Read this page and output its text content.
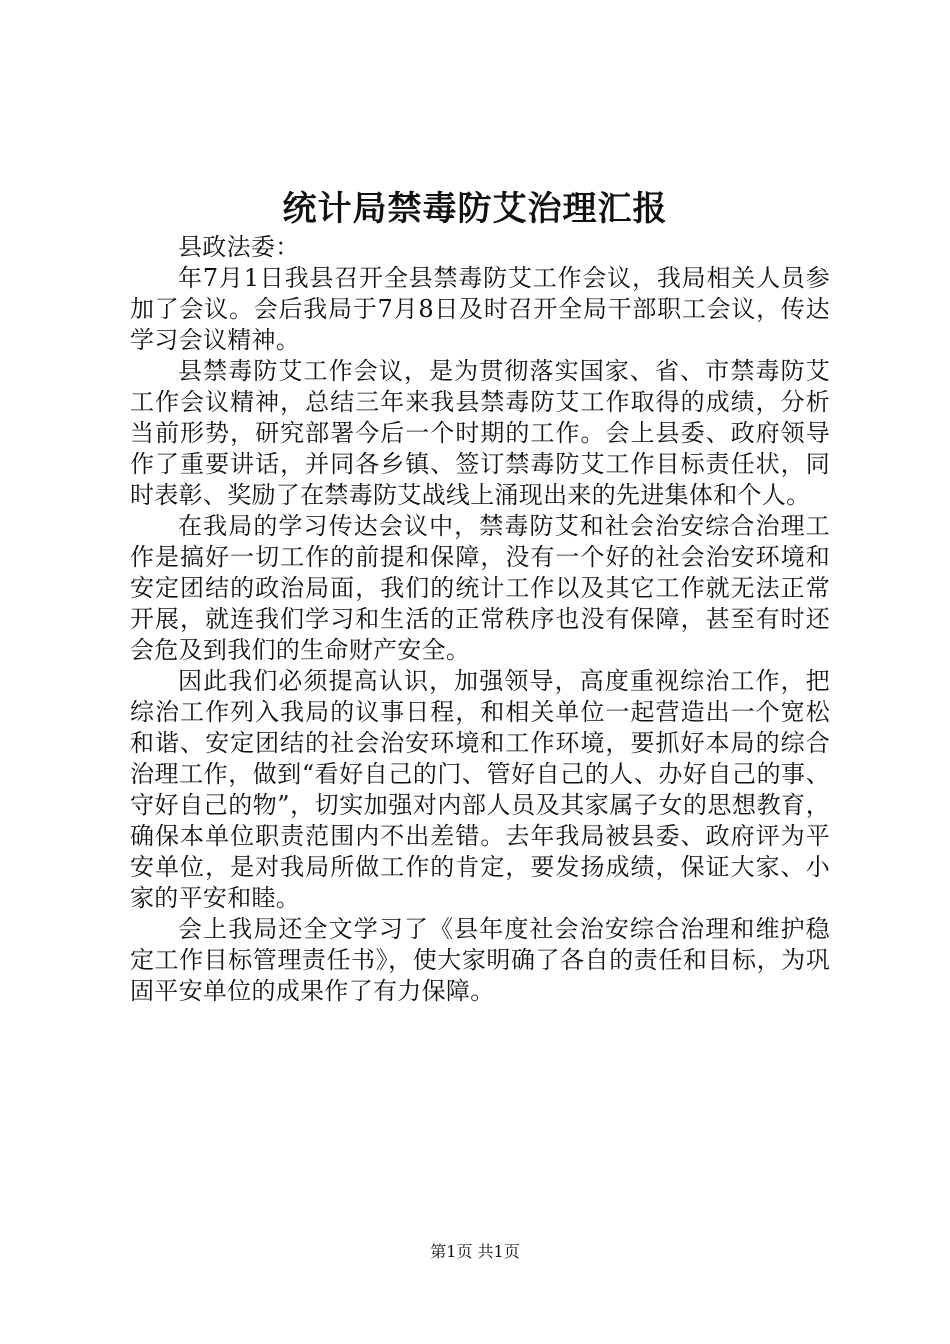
统计局禁毒防艾治理汇报

县政法委：

年7月1日我县召开全县禁毒防艾工作会议，我局相关人员参加了会议。会后我局于7月8日及时召开全局干部职工会议，传达学习会议精神。

县禁毒防艾工作会议，是为贯彻落实国家、省、市禁毒防艾工作会议精神，总结三年来我县禁毒防艾工作取得的成绩，分析当前形势，研究部署今后一个时期的工作。会上县委、政府领导作了重要讲话，并同各乡镇、签订禁毒防艾工作目标责任状，同时表彰、奖励了在禁毒防艾战线上涌现出来的先进集体和个人。

在我局的学习传达会议中，禁毒防艾和社会治安综合治理工作是搞好一切工作的前提和保障，没有一个好的社会治安环境和安定团结的政治局面，我们的统计工作以及其它工作就无法正常开展，就连我们学习和生活的正常秩序也没有保障，甚至有时还会危及到我们的生命财产安全。

因此我们必须提高认识，加强领导，高度重视综治工作，把综治工作列入我局的议事日程，和相关单位一起营造出一个宽松和谐、安定团结的社会治安环境和工作环境，要抓好本局的综合治理工作，做到“看好自己的门、管好自己的人、办好自己的事、守好自己的物”，切实加强对内部人员及其家属子女的思想教育，确保本单位职责范围内不出差错。去年我局被县委、政府评为平安单位，是对我局所做工作的肯定，要发扬成绩，保证大家、小家的平安和睦。

会上我局还全文学习了《县年度社会治安综合治理和维护稳定工作目标管理责任书》，使大家明确了各自的责任和目标，为巩固平安单位的成果作了有力保障。

第1页 共1页
